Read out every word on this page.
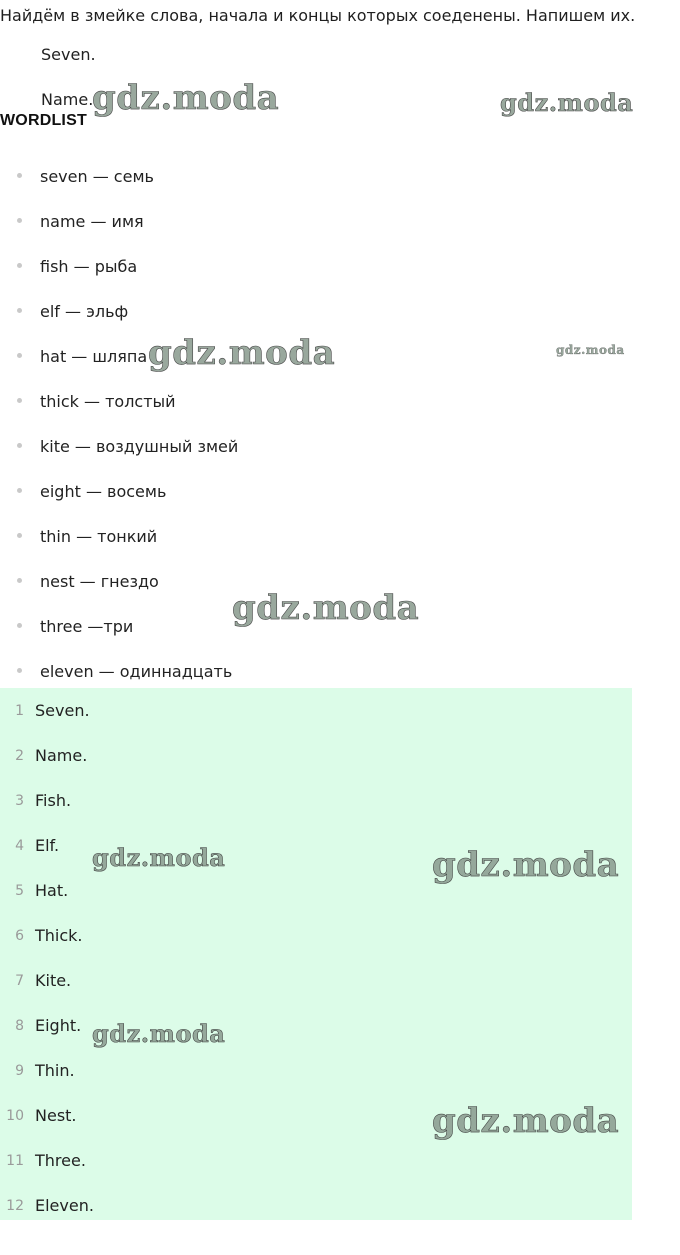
Найдём в змейке слова, начала и концы которых соеденены. Напишем их.
Seven.
Name.
WORDLIST
seven — семь
name — имя
fish — рыба
elf — эльф
hat — шляпа
thick — толстый
kite — воздушный змей
eight — восемь
thin — тонкий
nest — гнездо
three —три
eleven — одиннадцать
1 Seven.
2 Name.
3 Fish.
4 Elf.
5 Hat.
6 Thick.
7 Kite.
8 Eight.
9 Thin.
10 Nest.
11 Three.
12 Eleven.
gdz.moda	gdz.moda
gdz.moda	gdz.moda
gdz.moda
gdz.moda	gdz.moda
gdz.moda
gdz.moda
